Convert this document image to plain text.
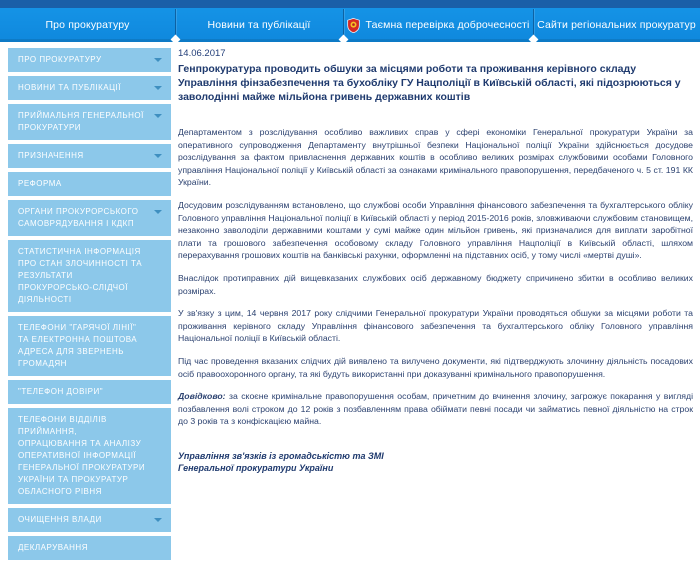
Про прокуратуру	Новини та публікації	Таємна перевірка доброчесності Сайти регіональних прокуратур
ПРО ПРОКУРАТУРУ
НОВИНИ ТА ПУБЛІКАЦІЇ
ПРИЙМАЛЬНЯ ГЕНЕРАЛЬНОЇ ПРОКУРАТУРИ
ПРИЗНАЧЕННЯ
РЕФОРМА
ОРГАНИ ПРОКУРОРСЬКОГО САМОВРЯДУВАННЯ І КДКП
СТАТИСТИЧНА ІНФОРМАЦІЯ ПРО СТАН ЗЛОЧИННОСТІ ТА РЕЗУЛЬТАТИ ПРОКУРОРСЬКО-СЛІДЧОЇ ДІЯЛЬНОСТІ
ТЕЛЕФОНИ "ГАРЯЧОЇ ЛІНІЇ" ТА ЕЛЕКТРОННА ПОШТОВА АДРЕСА ДЛЯ ЗВЕРНЕНЬ ГРОМАДЯН
"ТЕЛЕФОН ДОВІРИ"
ТЕЛЕФОНИ ВІДДІЛІВ ПРИЙМАННЯ, ОПРАЦЮВАННЯ ТА АНАЛІЗУ ОПЕРАТИВНОЇ ІНФОРМАЦІЇ ГЕНЕРАЛЬНОЇ ПРОКУРАТУРИ УКРАЇНИ ТА ПРОКУРАТУР ОБЛАСНОГО РІВНЯ
ОЧИЩЕННЯ ВЛАДИ
ДЕКЛАРУВАННЯ
14.06.2017
Генпрокуратура проводить обшуки за місцями роботи та проживання керівного складу Управління фінзабезпечення та бухобліку ГУ Нацполіції в Київській області, які підозрюються у заволодінні майже мільйона гривень державних коштів

Департаментом з розслідування особливо важливих справ у сфері економіки Генеральної прокуратури України за оперативного супроводження Департаменту внутрішньої безпеки Національної поліції України здійснюється досудове розслідування за фактом привласнення державних коштів в особливо великих розмірах службовими особами Головного управління Національної поліції у Київській області за ознаками кримінального правопорушення, передбаченого ч. 5 ст. 191 КК України.

Досудовим розслідуванням встановлено, що службові особи Управління фінансового забезпечення та бухгалтерського обліку Головного управління Національної поліції в Київській області у період 2015-2016 років, зловживаючи службовим становищем, незаконно заволоділи державними коштами у сумі майже один мільйон гривень, які призначалися для виплати заробітної плати та грошового забезпечення особовому складу Головного управління Нацполіції в Київській області, шляхом перерахування грошових коштів на банківські рахунки, оформленні на підставних осіб, у тому числі «мертві душі».

Внаслідок протиправних дій вищевказаних службових осіб державному бюджету спричинено збитки в особливо великих розмірах.

У зв'язку з цим, 14 червня 2017 року слідчими Генеральної прокуратури України проводяться обшуки за місцями роботи та проживання керівного складу Управління фінансового забезпечення та бухгалтерського обліку Головного управління Національної поліції в Київській області.

Під час проведення вказаних слідчих дій виявлено та вилучено документи, які підтверджують злочинну діяльність посадових осіб правоохоронного органу, та які будуть використанні при доказуванні кримінального правопорушення.

Довідково: за скоєне кримінальне правопорушення особам, причетним до вчинення злочину, загрожує покарання у вигляді позбавлення волі строком до 12 років з позбавленням права обіймати певні посади чи займатись певної діяльністю на строк до 3 років та з конфіскацією майна.

Управління зв'язків із громадськістю та ЗМІ
Генеральної прокуратури України
